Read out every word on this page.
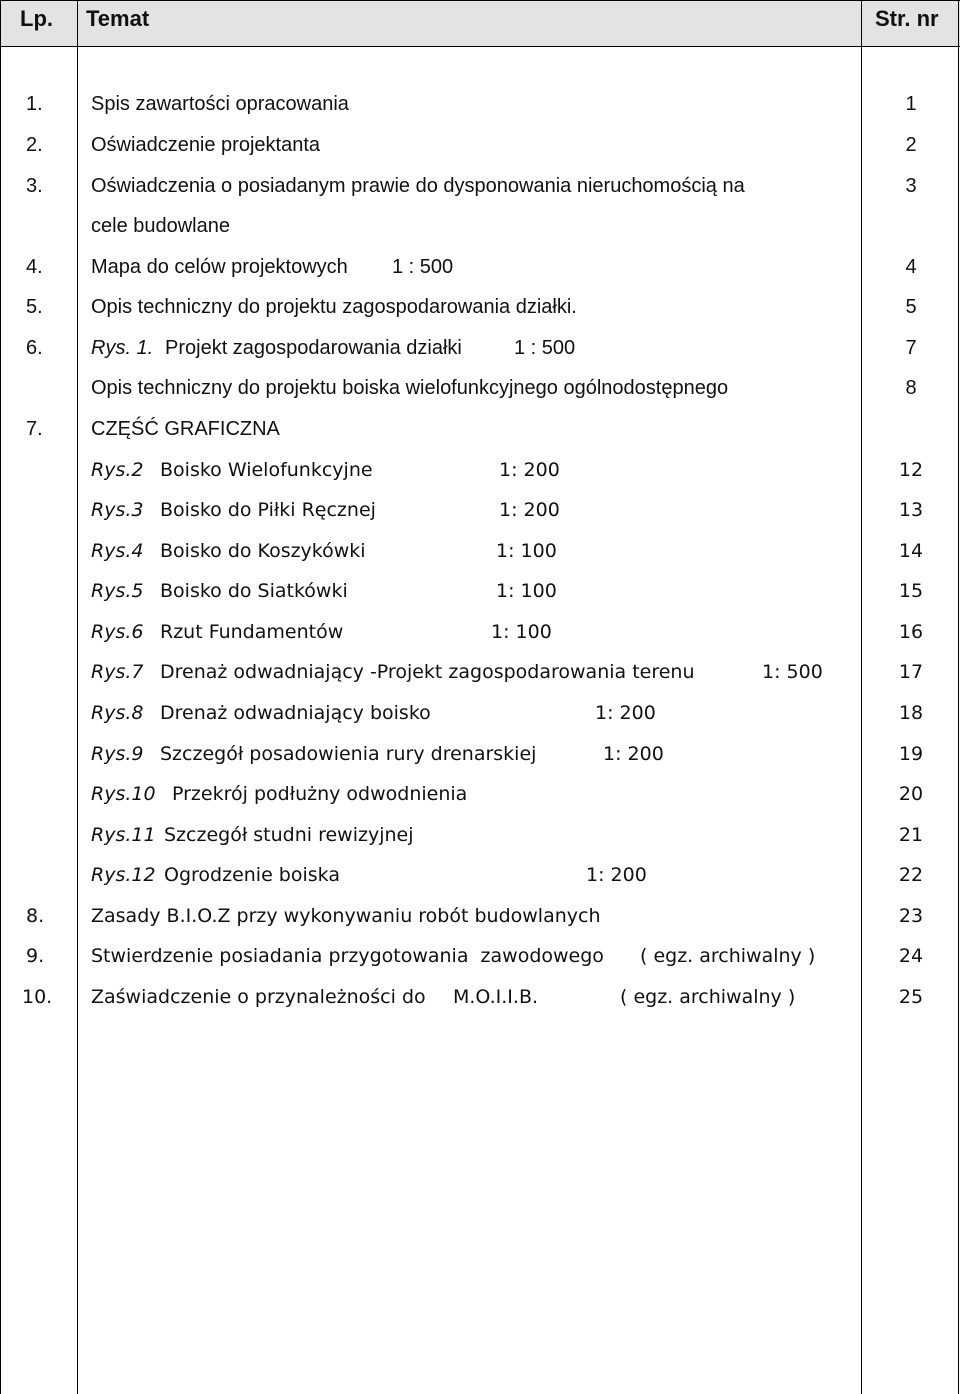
Lp. Temat	Str. nr
1. Spis zawartości opracowania	1
2. Oświadczenie projektanta	2
3. Oświadczenia o posiadanym prawie do dysponowania nieruchomością na	3
cele budowlane
4. Mapa do celów projektowych 1 : 500	4
5. Opis techniczny do projektu zagospodarowania działki.	5
6. Rys. 1. Projekt zagospodarowania działki	1 : 500	7
Opis techniczny do projektu boiska wielofunkcyjnego ogólnodostępnego	8
7. CZĘŚĆ GRAFICZNA
Rys.2 Boisko Wielofunkcyjne	1: 200	12
Rys.3 Boisko do Piłki Ręcznej	1: 200	13
Rys.4 Boisko do Koszykówki	1: 100	14
Rys.5 Boisko do Siatkówki	1: 100	15
Rys.6 Rzut Fundamentów	1: 100	16
Rys.7 Drenaż odwadniający -Projekt zagospodarowania terenu	1: 500	17
Rys.8 Drenaż odwadniający boisko	1: 200	18
Rys.9 Szczegół posadowienia rury drenarskiej	1: 200	19
Rys.10 Przekrój podłużny odwodnienia	20
Rys.11 Szczegół studni rewizyjnej	21
Rys.12 Ogrodzenie boiska	1: 200	22
8. Zasady B.I.O.Z przy wykonywaniu robót budowlanych	23
9. Stwierdzenie posiadania przygotowania  zawodowego ( egz. archiwalny )	24
10. Zaświadczenie o przynależności do M.O.I.I.B.	( egz. archiwalny )	25
